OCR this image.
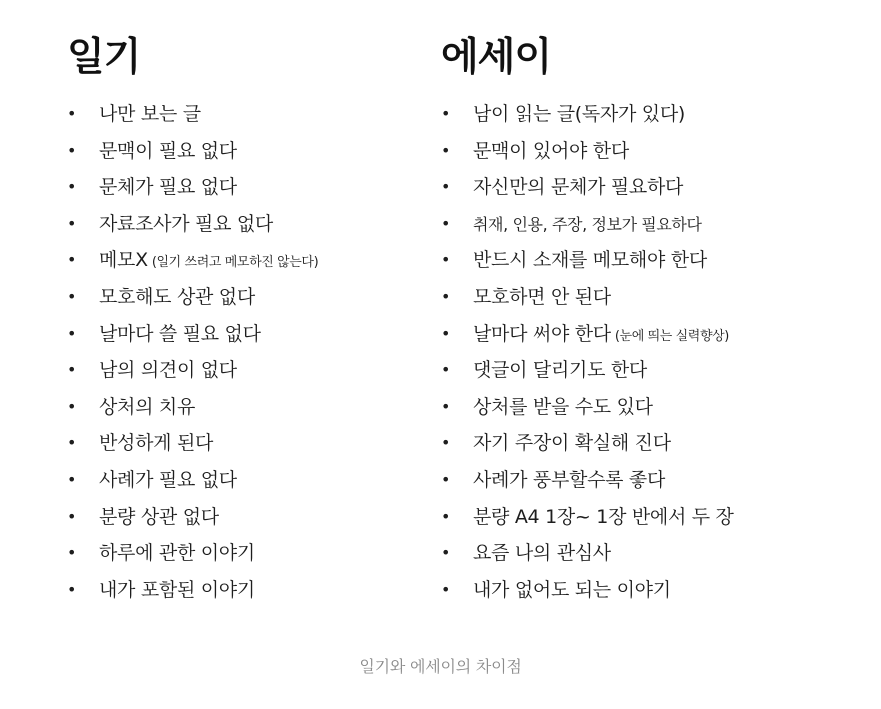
일기
• 나만 보는 글
• 문맥이 필요 없다
• 문체가 필요 없다
• 자료조사가 필요 없다
• 메모X (일기 쓰려고 메모하진 않는다)
• 모호해도 상관 없다
• 날마다 쓸 필요 없다
• 남의 의견이 없다
• 상처의 치유
• 반성하게 된다
• 사례가 필요 없다
• 분량 상관 없다
• 하루에 관한 이야기
• 내가 포함된 이야기
에세이
• 남이 읽는 글(독자가 있다)
• 문맥이 있어야 한다
• 자신만의 문체가 필요하다
• 취재, 인용, 주장, 정보가 필요하다
• 반드시 소재를 메모해야 한다
• 모호하면 안 된다
• 날마다 써야 한다 (눈에 띄는 실력향상)
• 댓글이 달리기도 한다
• 상처를 받을 수도 있다
• 자기 주장이 확실해 진다
• 사례가 풍부할수록 좋다
• 분량 A4 1장~ 1장 반에서 두 장
• 요즘 나의 관심사
• 내가 없어도 되는 이야기
일기와 에세이의 차이점
